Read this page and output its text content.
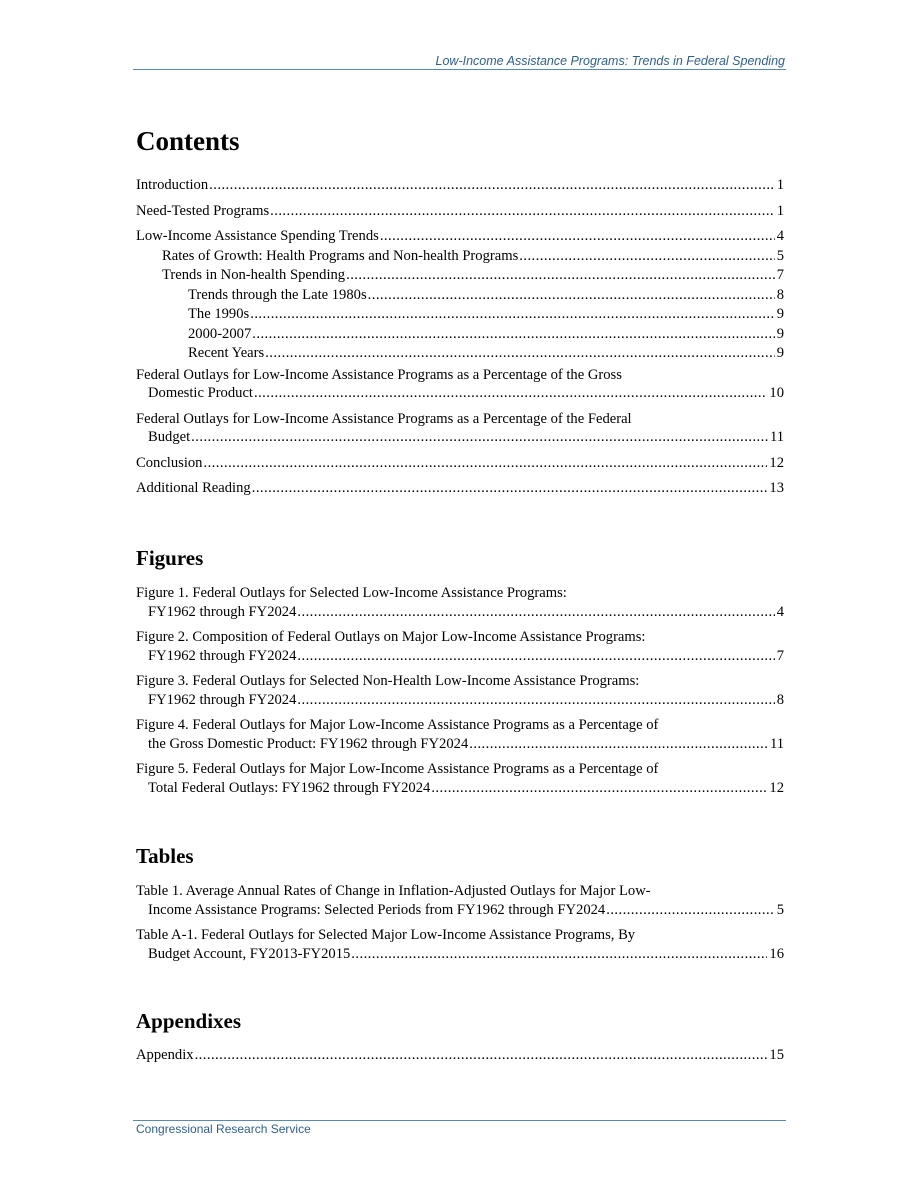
Low-Income Assistance Programs: Trends in Federal Spending
Contents
Introduction . . .	1
Need-Tested Programs . . .	1
Low-Income Assistance Spending Trends . . .	4
Rates of Growth: Health Programs and Non-health Programs . . .	5
Trends in Non-health Spending . . .	7
Trends through the Late 1980s . . .	8
The 1990s . . .	9
2000-2007 . . .	9
Recent Years . . .	9
Federal Outlays for Low-Income Assistance Programs as a Percentage of the Gross
Domestic Product . . .	10
Federal Outlays for Low-Income Assistance Programs as a Percentage of the Federal
Budget . . .	11
Conclusion . . .	12
Additional Reading . . .	13
Figures
Figure 1. Federal Outlays for Selected Low-Income Assistance Programs:
FY1962 through FY2024 . . .	4
Figure 2. Composition of Federal Outlays on Major Low-Income Assistance Programs:
FY1962 through FY2024 . . .	7
Figure 3. Federal Outlays for Selected Non-Health Low-Income Assistance Programs:
FY1962 through FY2024 . . .	8
Figure 4. Federal Outlays for Major Low-Income Assistance Programs as a Percentage of
the Gross Domestic Product: FY1962 through FY2024 . . .	11
Figure 5. Federal Outlays for Major Low-Income Assistance Programs as a Percentage of
Total Federal Outlays: FY1962 through FY2024 . . .	12
Tables
Table 1. Average Annual Rates of Change in Inflation-Adjusted Outlays for Major Low-
Income Assistance Programs: Selected Periods from FY1962 through FY2024 . . .	5
Table A-1. Federal Outlays for Selected Major Low-Income Assistance Programs, By
Budget Account, FY2013-FY2015 . . .	16
Appendixes
Appendix . . .	15
Congressional Research Service
